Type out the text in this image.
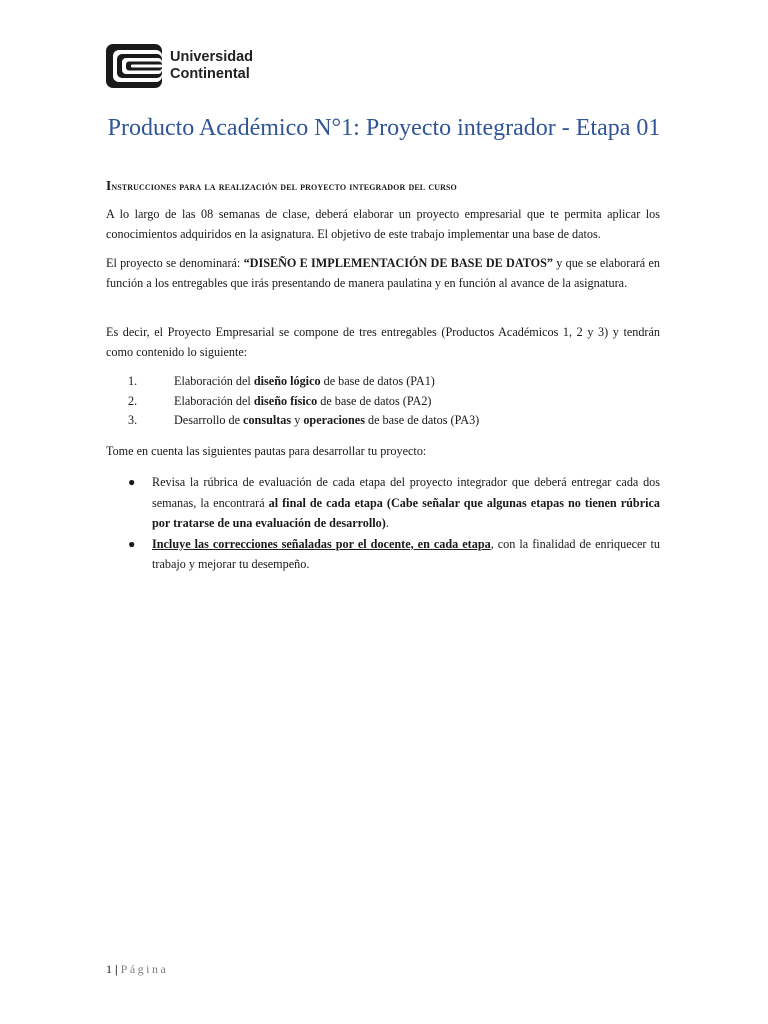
Universidad
Continental
Producto Académico N°1: Proyecto integrador - Etapa 01
Instrucciones para la realización del proyecto integrador del curso
A lo largo de las 08 semanas de clase, deberá elaborar un proyecto empresarial que te permita aplicar los conocimientos adquiridos en la asignatura. El objetivo de este trabajo implementar una base de datos.
El proyecto se denominará: “DISEÑO E IMPLEMENTACIÓN DE BASE DE DATOS” y que se elaborará en función a los entregables que irás presentando de manera paulatina y en función al avance de la asignatura.
Es decir, el Proyecto Empresarial se compone de tres entregables (Productos Académicos 1, 2 y 3) y tendrán como contenido lo siguiente:
1.	Elaboración del diseño lógico de base de datos (PA1)
2.	Elaboración del diseño físico de base de datos (PA2)
3.	Desarrollo de consultas y operaciones de base de datos (PA3)
Tome en cuenta las siguientes pautas para desarrollar tu proyecto:
● Revisa la rúbrica de evaluación de cada etapa del proyecto integrador que deberá entregar cada dos semanas, la encontrará al final de cada etapa (Cabe señalar que algunas etapas no tienen rúbrica por tratarse de una evaluación de desarrollo).
● Incluye las correcciones señaladas por el docente, en cada etapa, con la finalidad de enriquecer tu trabajo y mejorar tu desempeño.
1 | Página
